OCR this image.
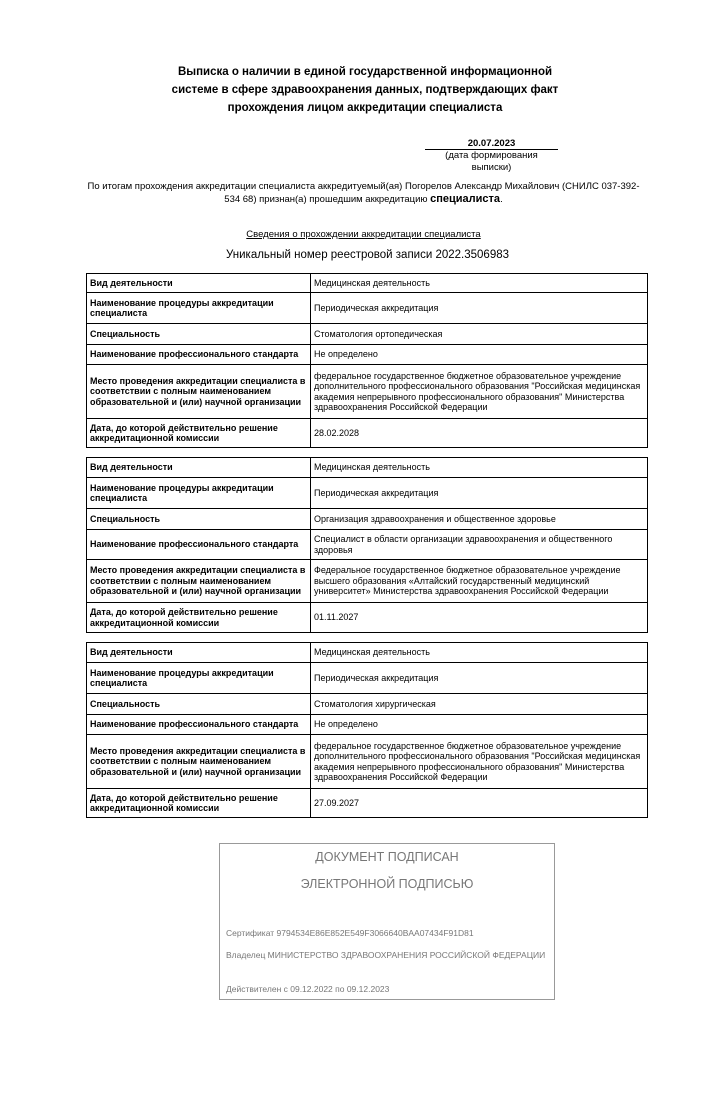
Выписка о наличии в единой государственной информационной
системе в сфере здравоохранения данных, подтверждающих факт
прохождения лицом аккредитации специалиста
20.07.2023
(дата формирования выписки)
По итогам прохождения аккредитации специалиста аккредитуемый(ая) Погорелов Александр Михайлович (СНИЛС 037-392-534 68) признан(а) прошедшим аккредитацию специалиста.
Сведения о прохождении аккредитации специалиста
Уникальный номер реестровой записи 2022.3506983
Вид деятельности	Медицинская деятельность
Наименование процедуры аккредитации специалиста	Периодическая аккредитация
Специальность	Стоматология ортопедическая
Наименование профессионального стандарта	Не определено
Место проведения аккредитации специалиста в соответствии с полным наименованием образовательной и (или) научной организации	федеральное государственное бюджетное образовательное учреждение дополнительного профессионального образования "Российская медицинская академия непрерывного профессионального образования" Министерства здравоохранения Российской Федерации
Дата, до которой действительно решение аккредитационной комиссии	28.02.2028
Вид деятельности	Медицинская деятельность
Наименование процедуры аккредитации специалиста	Периодическая аккредитация
Специальность	Организация здравоохранения и общественное здоровье
Наименование профессионального стандарта	Специалист в области организации здравоохранения и общественного здоровья
Место проведения аккредитации специалиста в соответствии с полным наименованием образовательной и (или) научной организации	Федеральное государственное бюджетное образовательное учреждение высшего образования «Алтайский государственный медицинский университет» Министерства здравоохранения Российской Федерации
Дата, до которой действительно решение аккредитационной комиссии	01.11.2027
Вид деятельности	Медицинская деятельность
Наименование процедуры аккредитации специалиста	Периодическая аккредитация
Специальность	Стоматология хирургическая
Наименование профессионального стандарта	Не определено
Место проведения аккредитации специалиста в соответствии с полным наименованием образовательной и (или) научной организации	федеральное государственное бюджетное образовательное учреждение дополнительного профессионального образования "Российская медицинская академия непрерывного профессионального образования" Министерства здравоохранения Российской Федерации
Дата, до которой действительно решение аккредитационной комиссии	27.09.2027
ДОКУМЕНТ ПОДПИСАН
ЭЛЕКТРОННОЙ ПОДПИСЬЮ
Сертификат 9794534E86E852E549F3066640BAA07434F91D81
Владелец МИНИСТЕРСТВО ЗДРАВООХРАНЕНИЯ РОССИЙСКОЙ ФЕДЕРАЦИИ
Действителен с 09.12.2022 по 09.12.2023
